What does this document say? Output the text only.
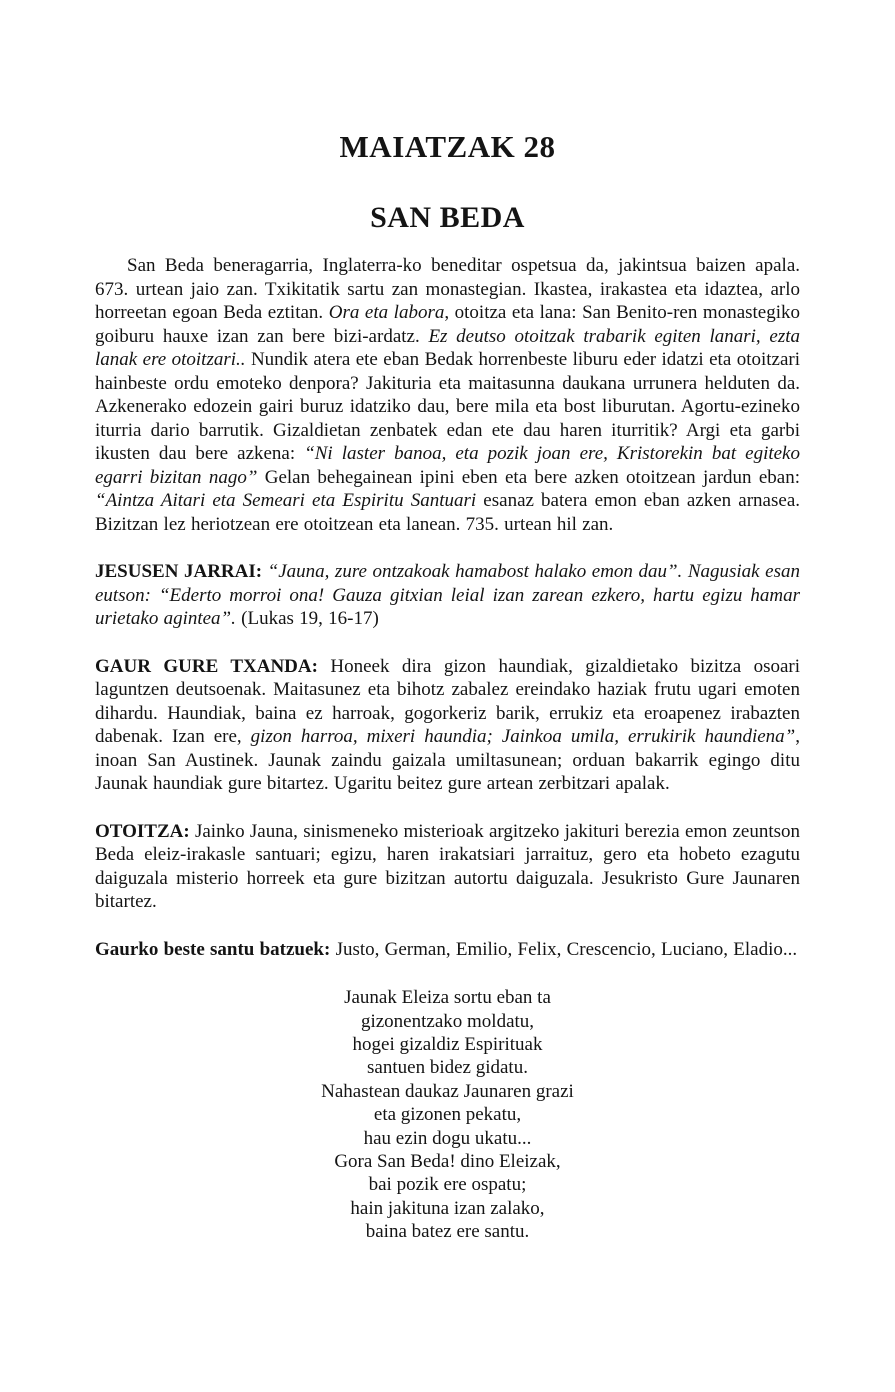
MAIATZAK 28
SAN BEDA

San Beda beneragarria, Inglaterra-ko beneditar ospetsua da, jakintsua baizen apala. 673. urtean jaio zan. Txikitatik sartu zan monastegian. Ikastea, irakastea eta idaztea, arlo horreetan egoan Beda eztitan. Ora eta labora, otoitza eta lana: San Benito-ren monastegiko goiburu hauxe izan zan bere bizi-ardatz. Ez deutso otoitzak trabarik egiten lanari, ezta lanak ere otoitzari.. Nundik atera ete eban Bedak horrenbeste liburu eder idatzi eta otoitzari hainbeste ordu emoteko denpora? Jakituria eta maitasunna daukana urrunera helduten da. Azkenerako edozein gairi buruz idatziko dau, bere mila eta bost liburutan. Agortu-ezineko iturria dario barrutik. Gizaldietan zenbatek edan ete dau haren iturritik? Argi eta garbi ikusten dau bere azkena: “Ni laster banoa, eta pozik joan ere, Kristorekin bat egiteko egarri bizitan nago” Gelan behegainean ipini eben eta bere azken otoitzean jardun eban: “Aintza Aitari eta Semeari eta Espiritu Santuari esanaz batera emon eban azken arnasea. Bizitzan lez heriotzean ere otoitzean eta lanean. 735. urtean hil zan.

JESUSEN JARRAI: “Jauna, zure ontzakoak hamabost halako emon dau”. Nagusiak esan eutson: “Ederto morroi ona! Gauza gitxian leial izan zarean ezkero, hartu egizu hamar urietako agintea”. (Lukas 19, 16-17)

GAUR GURE TXANDA: Honeek dira gizon haundiak, gizaldietako bizitza osoari laguntzen deutsoenak. Maitasunez eta bihotz zabalez ereindako haziak frutu ugari emoten dihardu. Haundiak, baina ez harroak, gogorkeriz barik, errukiz eta eroapenez irabazten dabenak. Izan ere, gizon harroa, mixeri haundia; Jainkoa umila, errukirik haundiena”, inoan San Austinek. Jaunak zaindu gaizala umiltasunean; orduan bakarrik egingo ditu Jaunak haundiak gure bitartez. Ugaritu beitez gure artean zerbitzari apalak.

OTOITZA: Jainko Jauna, sinismeneko misterioak argitzeko jakituri berezia emon zeuntson Beda eleiz-irakasle santuari; egizu, haren irakatsiari jarraituz, gero eta hobeto ezagutu daiguzala misterio horreek eta gure bizitzan autortu daiguzala. Jesukristo Gure Jaunaren bitartez.

Gaurko beste santu batzuek: Justo, German, Emilio, Felix, Crescencio, Luciano, Eladio...

Jaunak Eleiza sortu eban ta
gizonentzako moldatu,
hogei gizaldiz Espirituak
santuen bidez gidatu.
Nahastean daukaz Jaunaren grazi
eta gizonen pekatu,
hau ezin dogu ukatu...
Gora San Beda! dino Eleizak,
bai pozik ere ospatu;
hain jakituna izan zalako,
baina batez ere santu.
